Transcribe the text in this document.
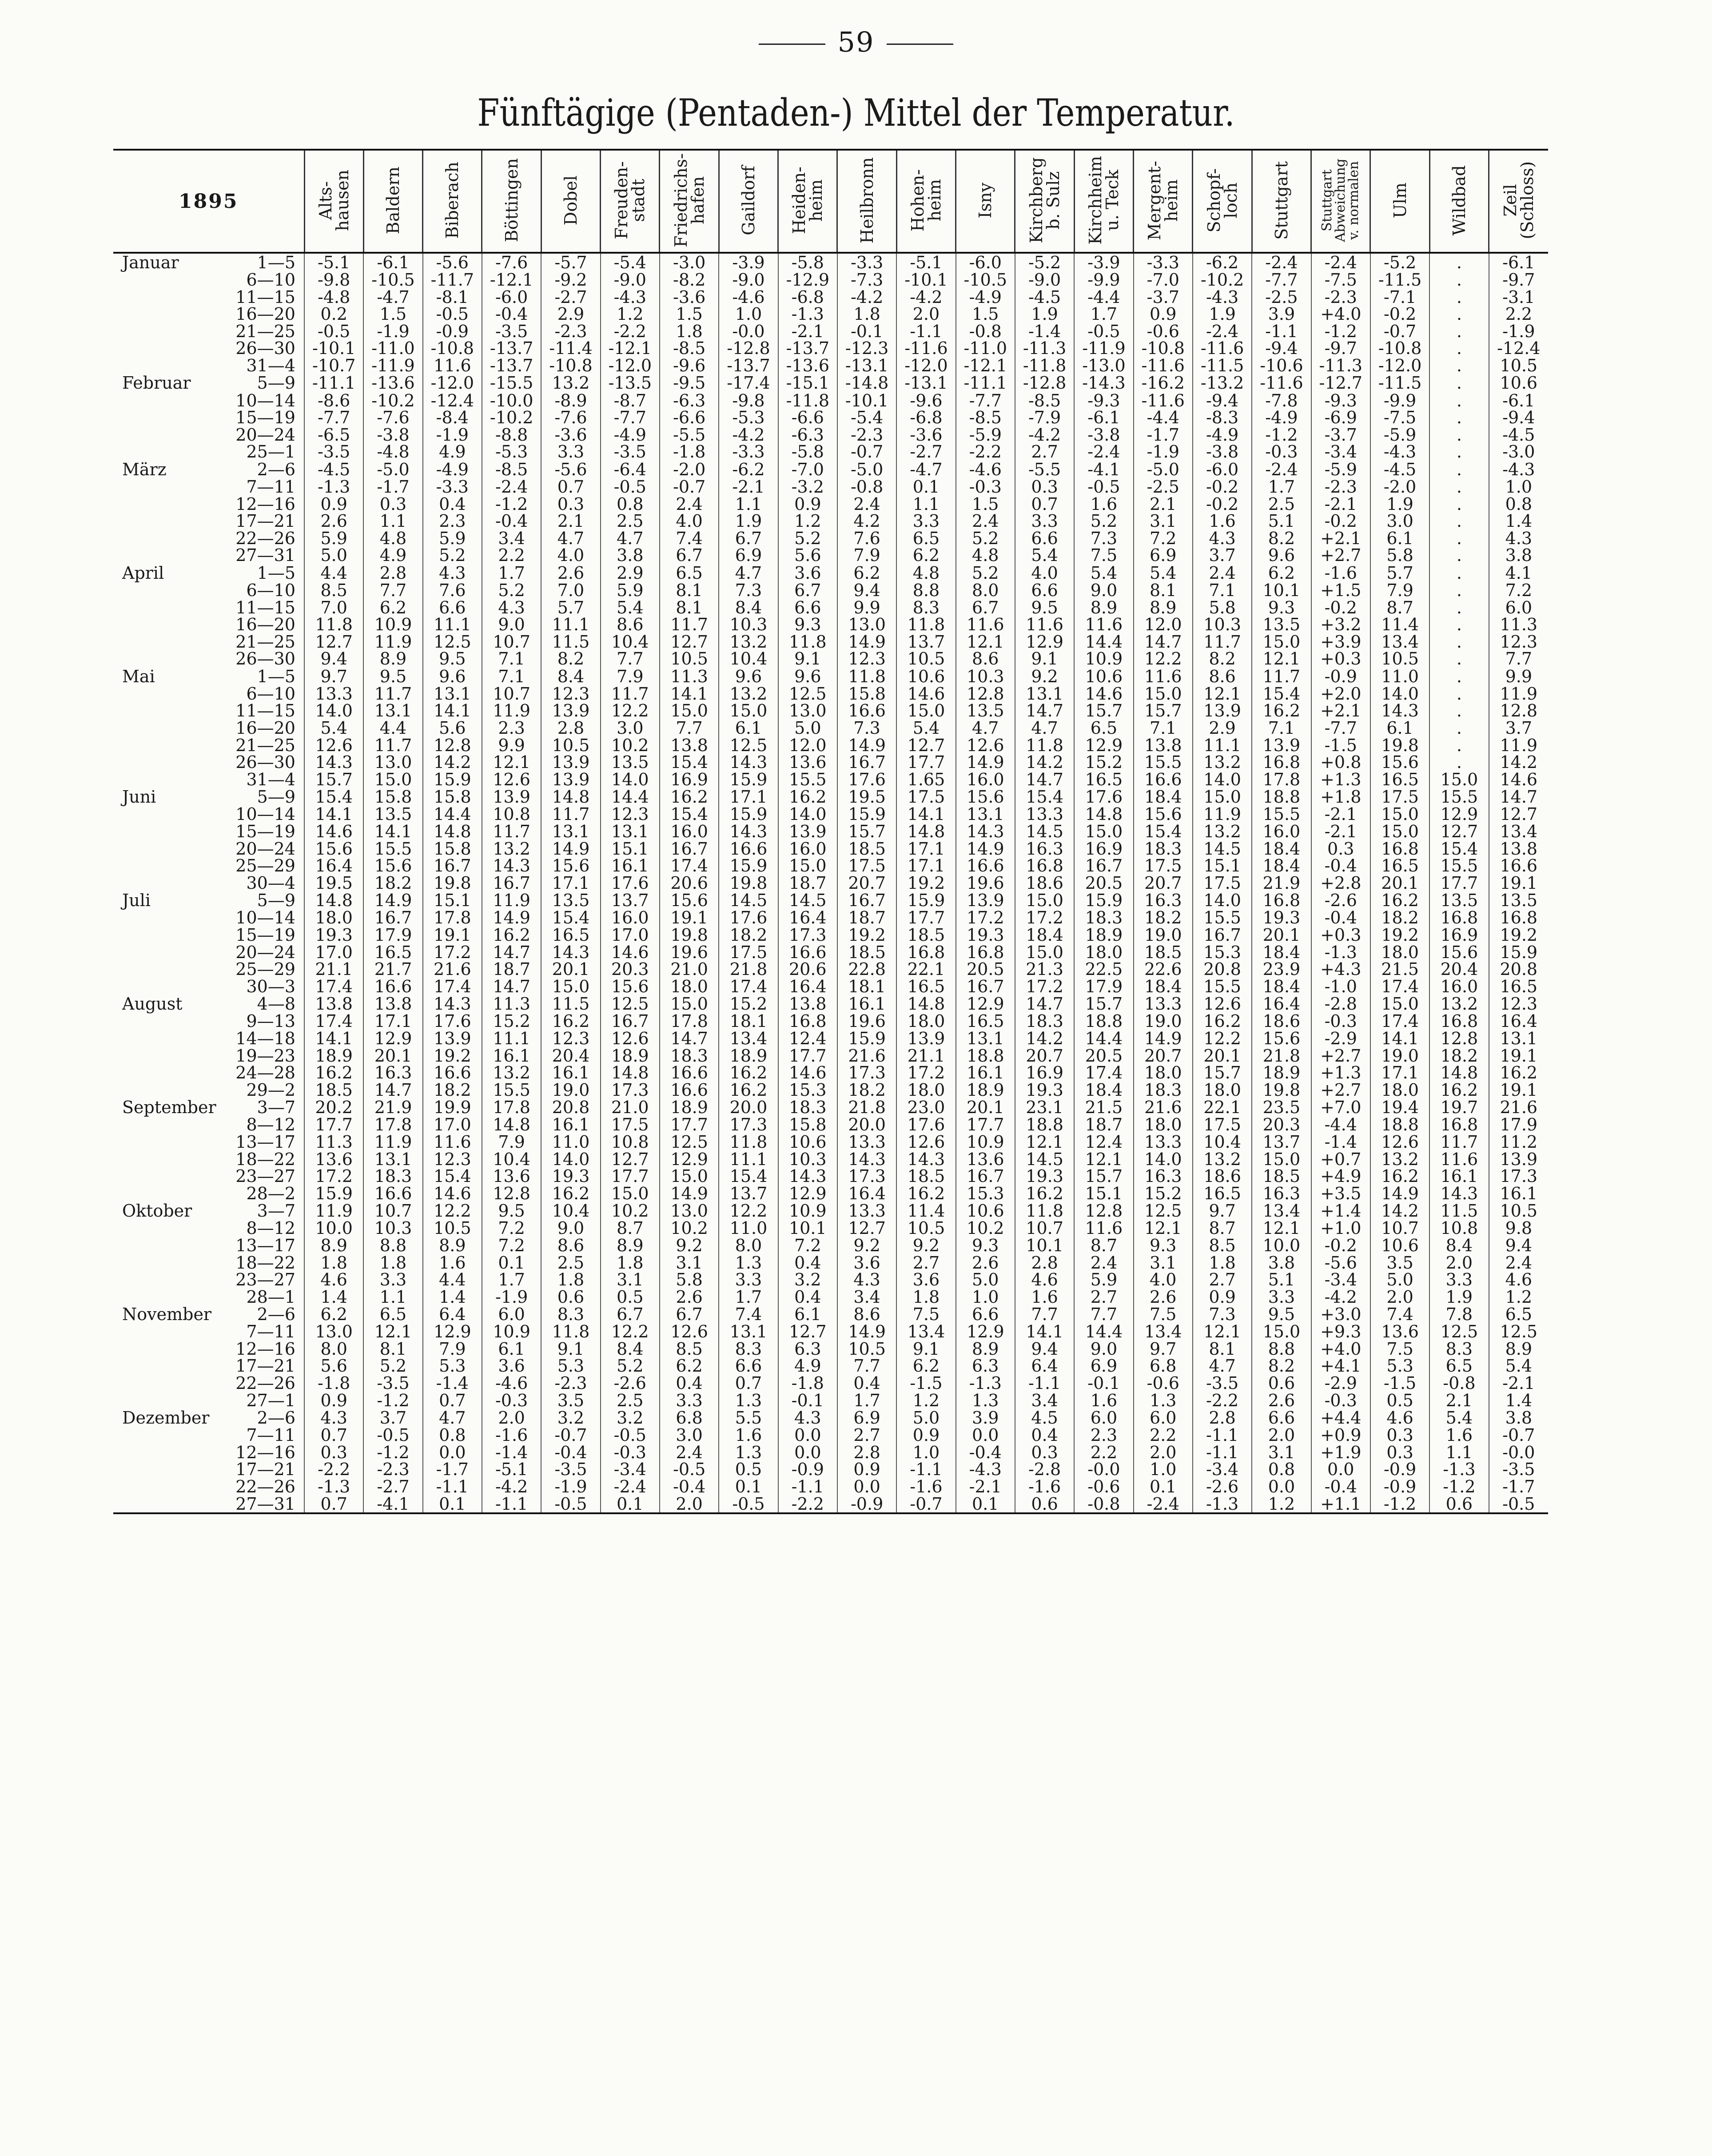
59
Fünftägige (Pentaden-) Mittel der Temperatur.
1895	Alts-
hausen	Baldern	Biberach	Böttingen	Dobel	Freuden-
stadt	Friedrichs-
hafen	Gaildorf	Heiden-
heim	Heilbronn	Hohen-
heim	Isny	Kirchberg
b. Sulz	Kirchheim
u. Teck	Mergent-
heim	Schopf-
loch	Stuttgart	Stuttgart
Abweichung
v. normalen	Ulm	Wildbad	Zeil
(Schloss)
Januar 1—5	-5.1	-6.1	-5.6	-7.6	-5.7	-5.4	-3.0	-3.9	-5.8	-3.3	-5.1	-6.0	-5.2	-3.9	-3.3	-6.2	-2.4	-2.4	-5.2	.	-6.1
6—10	-9.8	-10.5	-11.7	-12.1	-9.2	-9.0	-8.2	-9.0	-12.9	-7.3	-10.1	-10.5	-9.0	-9.9	-7.0	-10.2	-7.7	-7.5	-11.5	.	-9.7
11—15	-4.8	-4.7	-8.1	-6.0	-2.7	-4.3	-3.6	-4.6	-6.8	-4.2	-4.2	-4.9	-4.5	-4.4	-3.7	-4.3	-2.5	-2.3	-7.1	.	-3.1
16—20	0.2	1.5	-0.5	-0.4	2.9	1.2	1.5	1.0	-1.3	1.8	2.0	1.5	1.9	1.7	0.9	1.9	3.9	+4.0	-0.2	.	2.2
21—25	-0.5	-1.9	-0.9	-3.5	-2.3	-2.2	1.8	-0.0	-2.1	-0.1	-1.1	-0.8	-1.4	-0.5	-0.6	-2.4	-1.1	-1.2	-0.7	.	-1.9
26—30	-10.1	-11.0	-10.8	-13.7	-11.4	-12.1	-8.5	-12.8	-13.7	-12.3	-11.6	-11.0	-11.3	-11.9	-10.8	-11.6	-9.4	-9.7	-10.8	.	-12.4
31—4	-10.7	-11.9	11.6	-13.7	-10.8	-12.0	-9.6	-13.7	-13.6	-13.1	-12.0	-12.1	-11.8	-13.0	-11.6	-11.5	-10.6	-11.3	-12.0	.	10.5
Februar 5—9	-11.1	-13.6	-12.0	-15.5	13.2	-13.5	-9.5	-17.4	-15.1	-14.8	-13.1	-11.1	-12.8	-14.3	-16.2	-13.2	-11.6	-12.7	-11.5	.	10.6
10—14	-8.6	-10.2	-12.4	-10.0	-8.9	-8.7	-6.3	-9.8	-11.8	-10.1	-9.6	-7.7	-8.5	-9.3	-11.6	-9.4	-7.8	-9.3	-9.9	.	-6.1
15—19	-7.7	-7.6	-8.4	-10.2	-7.6	-7.7	-6.6	-5.3	-6.6	-5.4	-6.8	-8.5	-7.9	-6.1	-4.4	-8.3	-4.9	-6.9	-7.5	.	-9.4
20—24	-6.5	-3.8	-1.9	-8.8	-3.6	-4.9	-5.5	-4.2	-6.3	-2.3	-3.6	-5.9	-4.2	-3.8	-1.7	-4.9	-1.2	-3.7	-5.9	.	-4.5
25—1	-3.5	-4.8	4.9	-5.3	3.3	-3.5	-1.8	-3.3	-5.8	-0.7	-2.7	-2.2	2.7	-2.4	-1.9	-3.8	-0.3	-3.4	-4.3	.	-3.0
März 2—6	-4.5	-5.0	-4.9	-8.5	-5.6	-6.4	-2.0	-6.2	-7.0	-5.0	-4.7	-4.6	-5.5	-4.1	-5.0	-6.0	-2.4	-5.9	-4.5	.	-4.3
7—11	-1.3	-1.7	-3.3	-2.4	0.7	-0.5	-0.7	-2.1	-3.2	-0.8	0.1	-0.3	0.3	-0.5	-2.5	-0.2	1.7	-2.3	-2.0	.	1.0
12—16	0.9	0.3	0.4	-1.2	0.3	0.8	2.4	1.1	0.9	2.4	1.1	1.5	0.7	1.6	2.1	-0.2	2.5	-2.1	1.9	.	0.8
17—21	2.6	1.1	2.3	-0.4	2.1	2.5	4.0	1.9	1.2	4.2	3.3	2.4	3.3	5.2	3.1	1.6	5.1	-0.2	3.0	.	1.4
22—26	5.9	4.8	5.9	3.4	4.7	4.7	7.4	6.7	5.2	7.6	6.5	5.2	6.6	7.3	7.2	4.3	8.2	+2.1	6.1	.	4.3
27—31	5.0	4.9	5.2	2.2	4.0	3.8	6.7	6.9	5.6	7.9	6.2	4.8	5.4	7.5	6.9	3.7	9.6	+2.7	5.8	.	3.8
April 1—5	4.4	2.8	4.3	1.7	2.6	2.9	6.5	4.7	3.6	6.2	4.8	5.2	4.0	5.4	5.4	2.4	6.2	-1.6	5.7	.	4.1
6—10	8.5	7.7	7.6	5.2	7.0	5.9	8.1	7.3	6.7	9.4	8.8	8.0	6.6	9.0	8.1	7.1	10.1	+1.5	7.9	.	7.2
11—15	7.0	6.2	6.6	4.3	5.7	5.4	8.1	8.4	6.6	9.9	8.3	6.7	9.5	8.9	8.9	5.8	9.3	-0.2	8.7	.	6.0
16—20	11.8	10.9	11.1	9.0	11.1	8.6	11.7	10.3	9.3	13.0	11.8	11.6	11.6	11.6	12.0	10.3	13.5	+3.2	11.4	.	11.3
21—25	12.7	11.9	12.5	10.7	11.5	10.4	12.7	13.2	11.8	14.9	13.7	12.1	12.9	14.4	14.7	11.7	15.0	+3.9	13.4	.	12.3
26—30	9.4	8.9	9.5	7.1	8.2	7.7	10.5	10.4	9.1	12.3	10.5	8.6	9.1	10.9	12.2	8.2	12.1	+0.3	10.5	.	7.7
Mai 1—5	9.7	9.5	9.6	7.1	8.4	7.9	11.3	9.6	9.6	11.8	10.6	10.3	9.2	10.6	11.6	8.6	11.7	-0.9	11.0	.	9.9
6—10	13.3	11.7	13.1	10.7	12.3	11.7	14.1	13.2	12.5	15.8	14.6	12.8	13.1	14.6	15.0	12.1	15.4	+2.0	14.0	.	11.9
11—15	14.0	13.1	14.1	11.9	13.9	12.2	15.0	15.0	13.0	16.6	15.0	13.5	14.7	15.7	15.7	13.9	16.2	+2.1	14.3	.	12.8
16—20	5.4	4.4	5.6	2.3	2.8	3.0	7.7	6.1	5.0	7.3	5.4	4.7	4.7	6.5	7.1	2.9	7.1	-7.7	6.1	.	3.7
21—25	12.6	11.7	12.8	9.9	10.5	10.2	13.8	12.5	12.0	14.9	12.7	12.6	11.8	12.9	13.8	11.1	13.9	-1.5	19.8	.	11.9
26—30	14.3	13.0	14.2	12.1	13.9	13.5	15.4	14.3	13.6	16.7	17.7	14.9	14.2	15.2	15.5	13.2	16.8	+0.8	15.6	.	14.2
31—4	15.7	15.0	15.9	12.6	13.9	14.0	16.9	15.9	15.5	17.6	1.65	16.0	14.7	16.5	16.6	14.0	17.8	+1.3	16.5	15.0	14.6
Juni 5—9	15.4	15.8	15.8	13.9	14.8	14.4	16.2	17.1	16.2	19.5	17.5	15.6	15.4	17.6	18.4	15.0	18.8	+1.8	17.5	15.5	14.7
10—14	14.1	13.5	14.4	10.8	11.7	12.3	15.4	15.9	14.0	15.9	14.1	13.1	13.3	14.8	15.6	11.9	15.5	-2.1	15.0	12.9	12.7
15—19	14.6	14.1	14.8	11.7	13.1	13.1	16.0	14.3	13.9	15.7	14.8	14.3	14.5	15.0	15.4	13.2	16.0	-2.1	15.0	12.7	13.4
20—24	15.6	15.5	15.8	13.2	14.9	15.1	16.7	16.6	16.0	18.5	17.1	14.9	16.3	16.9	18.3	14.5	18.4	0.3	16.8	15.4	13.8
25—29	16.4	15.6	16.7	14.3	15.6	16.1	17.4	15.9	15.0	17.5	17.1	16.6	16.8	16.7	17.5	15.1	18.4	-0.4	16.5	15.5	16.6
30—4	19.5	18.2	19.8	16.7	17.1	17.6	20.6	19.8	18.7	20.7	19.2	19.6	18.6	20.5	20.7	17.5	21.9	+2.8	20.1	17.7	19.1
Juli 5—9	14.8	14.9	15.1	11.9	13.5	13.7	15.6	14.5	14.5	16.7	15.9	13.9	15.0	15.9	16.3	14.0	16.8	-2.6	16.2	13.5	13.5
10—14	18.0	16.7	17.8	14.9	15.4	16.0	19.1	17.6	16.4	18.7	17.7	17.2	17.2	18.3	18.2	15.5	19.3	-0.4	18.2	16.8	16.8
15—19	19.3	17.9	19.1	16.2	16.5	17.0	19.8	18.2	17.3	19.2	18.5	19.3	18.4	18.9	19.0	16.7	20.1	+0.3	19.2	16.9	19.2
20—24	17.0	16.5	17.2	14.7	14.3	14.6	19.6	17.5	16.6	18.5	16.8	16.8	15.0	18.0	18.5	15.3	18.4	-1.3	18.0	15.6	15.9
25—29	21.1	21.7	21.6	18.7	20.1	20.3	21.0	21.8	20.6	22.8	22.1	20.5	21.3	22.5	22.6	20.8	23.9	+4.3	21.5	20.4	20.8
30—3	17.4	16.6	17.4	14.7	15.0	15.6	18.0	17.4	16.4	18.1	16.5	16.7	17.2	17.9	18.4	15.5	18.4	-1.0	17.4	16.0	16.5
August 4—8	13.8	13.8	14.3	11.3	11.5	12.5	15.0	15.2	13.8	16.1	14.8	12.9	14.7	15.7	13.3	12.6	16.4	-2.8	15.0	13.2	12.3
9—13	17.4	17.1	17.6	15.2	16.2	16.7	17.8	18.1	16.8	19.6	18.0	16.5	18.3	18.8	19.0	16.2	18.6	-0.3	17.4	16.8	16.4
14—18	14.1	12.9	13.9	11.1	12.3	12.6	14.7	13.4	12.4	15.9	13.9	13.1	14.2	14.4	14.9	12.2	15.6	-2.9	14.1	12.8	13.1
19—23	18.9	20.1	19.2	16.1	20.4	18.9	18.3	18.9	17.7	21.6	21.1	18.8	20.7	20.5	20.7	20.1	21.8	+2.7	19.0	18.2	19.1
24—28	16.2	16.3	16.6	13.2	16.1	14.8	16.6	16.2	14.6	17.3	17.2	16.1	16.9	17.4	18.0	15.7	18.9	+1.3	17.1	14.8	16.2
29—2	18.5	14.7	18.2	15.5	19.0	17.3	16.6	16.2	15.3	18.2	18.0	18.9	19.3	18.4	18.3	18.0	19.8	+2.7	18.0	16.2	19.1
September 3—7	20.2	21.9	19.9	17.8	20.8	21.0	18.9	20.0	18.3	21.8	23.0	20.1	23.1	21.5	21.6	22.1	23.5	+7.0	19.4	19.7	21.6
8—12	17.7	17.8	17.0	14.8	16.1	17.5	17.7	17.3	15.8	20.0	17.6	17.7	18.8	18.7	18.0	17.5	20.3	-4.4	18.8	16.8	17.9
13—17	11.3	11.9	11.6	7.9	11.0	10.8	12.5	11.8	10.6	13.3	12.6	10.9	12.1	12.4	13.3	10.4	13.7	-1.4	12.6	11.7	11.2
18—22	13.6	13.1	12.3	10.4	14.0	12.7	12.9	11.1	10.3	14.3	14.3	13.6	14.5	12.1	14.0	13.2	15.0	+0.7	13.2	11.6	13.9
23—27	17.2	18.3	15.4	13.6	19.3	17.7	15.0	15.4	14.3	17.3	18.5	16.7	19.3	15.7	16.3	18.6	18.5	+4.9	16.2	16.1	17.3
28—2	15.9	16.6	14.6	12.8	16.2	15.0	14.9	13.7	12.9	16.4	16.2	15.3	16.2	15.1	15.2	16.5	16.3	+3.5	14.9	14.3	16.1
Oktober 3—7	11.9	10.7	12.2	9.5	10.4	10.2	13.0	12.2	10.9	13.3	11.4	10.6	11.8	12.8	12.5	9.7	13.4	+1.4	14.2	11.5	10.5
8—12	10.0	10.3	10.5	7.2	9.0	8.7	10.2	11.0	10.1	12.7	10.5	10.2	10.7	11.6	12.1	8.7	12.1	+1.0	10.7	10.8	9.8
13—17	8.9	8.8	8.9	7.2	8.6	8.9	9.2	8.0	7.2	9.2	9.2	9.3	10.1	8.7	9.3	8.5	10.0	-0.2	10.6	8.4	9.4
18—22	1.8	1.8	1.6	0.1	2.5	1.8	3.1	1.3	0.4	3.6	2.7	2.6	2.8	2.4	3.1	1.8	3.8	-5.6	3.5	2.0	2.4
23—27	4.6	3.3	4.4	1.7	1.8	3.1	5.8	3.3	3.2	4.3	3.6	5.0	4.6	5.9	4.0	2.7	5.1	-3.4	5.0	3.3	4.6
28—1	1.4	1.1	1.4	-1.9	0.6	0.5	2.6	1.7	0.4	3.4	1.8	1.0	1.6	2.7	2.6	0.9	3.3	-4.2	2.0	1.9	1.2
November 2—6	6.2	6.5	6.4	6.0	8.3	6.7	6.7	7.4	6.1	8.6	7.5	6.6	7.7	7.7	7.5	7.3	9.5	+3.0	7.4	7.8	6.5
7—11	13.0	12.1	12.9	10.9	11.8	12.2	12.6	13.1	12.7	14.9	13.4	12.9	14.1	14.4	13.4	12.1	15.0	+9.3	13.6	12.5	12.5
12—16	8.0	8.1	7.9	6.1	9.1	8.4	8.5	8.3	6.3	10.5	9.1	8.9	9.4	9.0	9.7	8.1	8.8	+4.0	7.5	8.3	8.9
17—21	5.6	5.2	5.3	3.6	5.3	5.2	6.2	6.6	4.9	7.7	6.2	6.3	6.4	6.9	6.8	4.7	8.2	+4.1	5.3	6.5	5.4
22—26	-1.8	-3.5	-1.4	-4.6	-2.3	-2.6	0.4	0.7	-1.8	0.4	-1.5	-1.3	-1.1	-0.1	-0.6	-3.5	0.6	-2.9	-1.5	-0.8	-2.1
27—1	0.9	-1.2	0.7	-0.3	3.5	2.5	3.3	1.3	-0.1	1.7	1.2	1.3	3.4	1.6	1.3	-2.2	2.6	-0.3	0.5	2.1	1.4
Dezember 2—6	4.3	3.7	4.7	2.0	3.2	3.2	6.8	5.5	4.3	6.9	5.0	3.9	4.5	6.0	6.0	2.8	6.6	+4.4	4.6	5.4	3.8
7—11	0.7	-0.5	0.8	-1.6	-0.7	-0.5	3.0	1.6	0.0	2.7	0.9	0.0	0.4	2.3	2.2	-1.1	2.0	+0.9	0.3	1.6	-0.7
12—16	0.3	-1.2	0.0	-1.4	-0.4	-0.3	2.4	1.3	0.0	2.8	1.0	-0.4	0.3	2.2	2.0	-1.1	3.1	+1.9	0.3	1.1	-0.0
17—21	-2.2	-2.3	-1.7	-5.1	-3.5	-3.4	-0.5	0.5	-0.9	0.9	-1.1	-4.3	-2.8	-0.0	1.0	-3.4	0.8	0.0	-0.9	-1.3	-3.5
22—26	-1.3	-2.7	-1.1	-4.2	-1.9	-2.4	-0.4	0.1	-1.1	0.0	-1.6	-2.1	-1.6	-0.6	0.1	-2.6	0.0	-0.4	-0.9	-1.2	-1.7
27—31	0.7	-4.1	0.1	-1.1	-0.5	0.1	2.0	-0.5	-2.2	-0.9	-0.7	0.1	0.6	-0.8	-2.4	-1.3	1.2	+1.1	-1.2	0.6	-0.5
